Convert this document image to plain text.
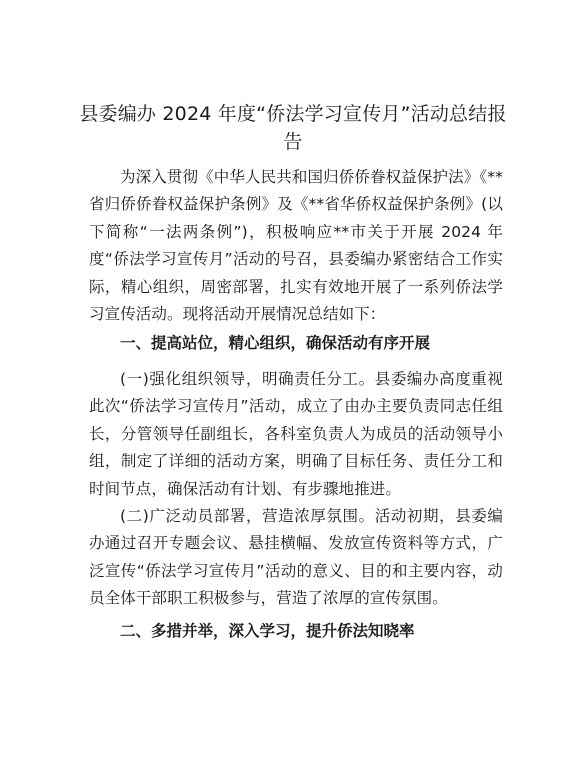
县委编办 2024 年度“侨法学习宣传月”活动总结报告

为深入贯彻《中华人民共和国归侨侨眷权益保护法》《**省归侨侨眷权益保护条例》及《**省华侨权益保护条例》(以下简称“一法两条例”)，积极响应**市关于开展 2024 年度“侨法学习宣传月”活动的号召，县委编办紧密结合工作实际，精心组织，周密部署，扎实有效地开展了一系列侨法学习宣传活动。现将活动开展情况总结如下：

一、提高站位，精心组织，确保活动有序开展

(一)强化组织领导，明确责任分工。县委编办高度重视此次“侨法学习宣传月”活动，成立了由办主要负责同志任组长，分管领导任副组长，各科室负责人为成员的活动领导小组，制定了详细的活动方案，明确了目标任务、责任分工和时间节点，确保活动有计划、有步骤地推进。

(二)广泛动员部署，营造浓厚氛围。活动初期，县委编办通过召开专题会议、悬挂横幅、发放宣传资料等方式，广泛宣传“侨法学习宣传月”活动的意义、目的和主要内容，动员全体干部职工积极参与，营造了浓厚的宣传氛围。

二、多措并举，深入学习，提升侨法知晓率
